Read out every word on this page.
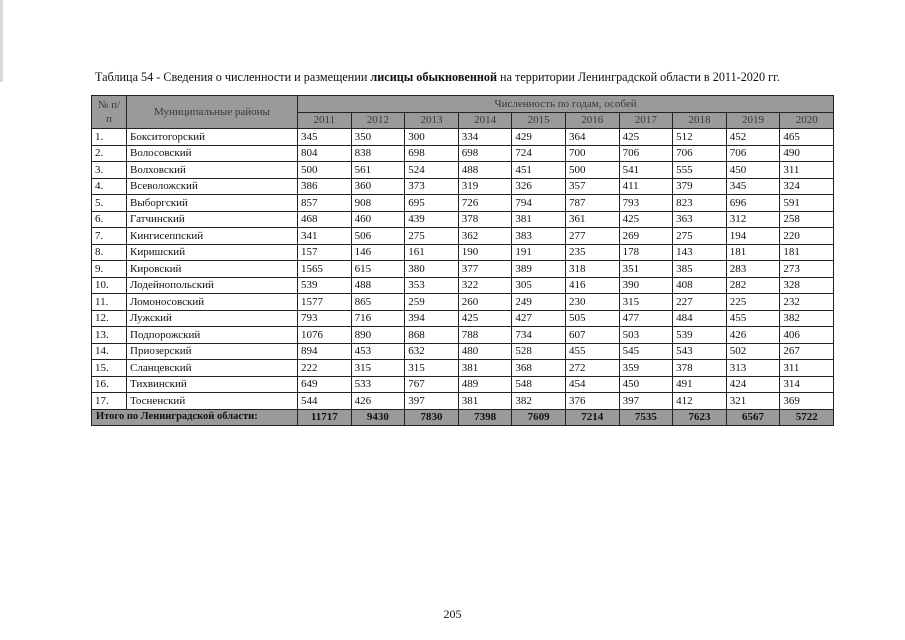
Таблица 54 - Сведения о численности и размещении лисицы обыкновенной на территории Ленинградской области в 2011-2020 гг.
№ п/п	Муниципальные районы	Численность по годам, особей									
		2011	2012	2013	2014	2015	2016	2017	2018	2019	2020
1.	Бокситогорский	345	350	300	334	429	364	425	512	452	465
2.	Волосовский	804	838	698	698	724	700	706	706	706	490
3.	Волховский	500	561	524	488	451	500	541	555	450	311
4.	Всеволожский	386	360	373	319	326	357	411	379	345	324
5.	Выборгский	857	908	695	726	794	787	793	823	696	591
6.	Гатчинский	468	460	439	378	381	361	425	363	312	258
7.	Кингисеппский	341	506	275	362	383	277	269	275	194	220
8.	Киришский	157	146	161	190	191	235	178	143	181	181
9.	Кировский	1565	615	380	377	389	318	351	385	283	273
10.	Лодейнопольский	539	488	353	322	305	416	390	408	282	328
11.	Ломоносовский	1577	865	259	260	249	230	315	227	225	232
12.	Лужский	793	716	394	425	427	505	477	484	455	382
13.	Подпорожский	1076	890	868	788	734	607	503	539	426	406
14.	Приозерский	894	453	632	480	528	455	545	543	502	267
15.	Сланцевский	222	315	315	381	368	272	359	378	313	311
16.	Тихвинский	649	533	767	489	548	454	450	491	424	314
17.	Тосненский	544	426	397	381	382	376	397	412	321	369
Итого по Ленинградской области:		11717	9430	7830	7398	7609	7214	7535	7623	6567	5722
205
